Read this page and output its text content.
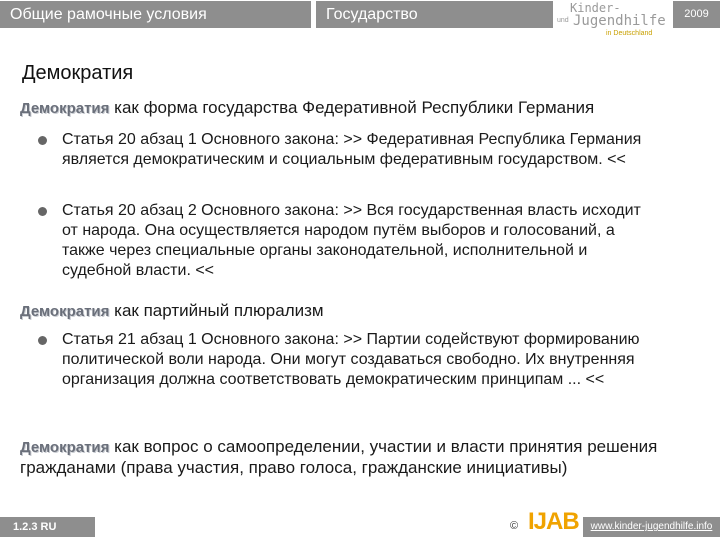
Общие рамочные условия	Государство	Kinder-
und Jugendhilfe
in Deutschland
2009
Демократия
Демократия как форма государства Федеративной Республики Германия
Статья 20 абзац 1 Основного закона: >> Федеративная Республика Германия является демократическим и социальным федеративным государством. <<
Статья 20 абзац 2 Основного закона: >> Вся государственная власть исходит от народа. Она осуществляется народом путём выборов и голосований, а также через специальные органы законодательной, исполнительной и судебной власти. <<
Демократия как партийный плюрализм
Статья 21 абзац 1 Основного закона: >> Партии содействуют формированию политической воли народа. Они могут создаваться свободно. Их внутренняя организация должна соответствовать демократическим принципам ... <<
Демократия как вопрос о самоопределении, участии и власти принятия решения гражданами (права участия, право голоса, гражданские инициативы)
1.2.3 RU	© IJAB	www.kinder-jugendhilfe.info
